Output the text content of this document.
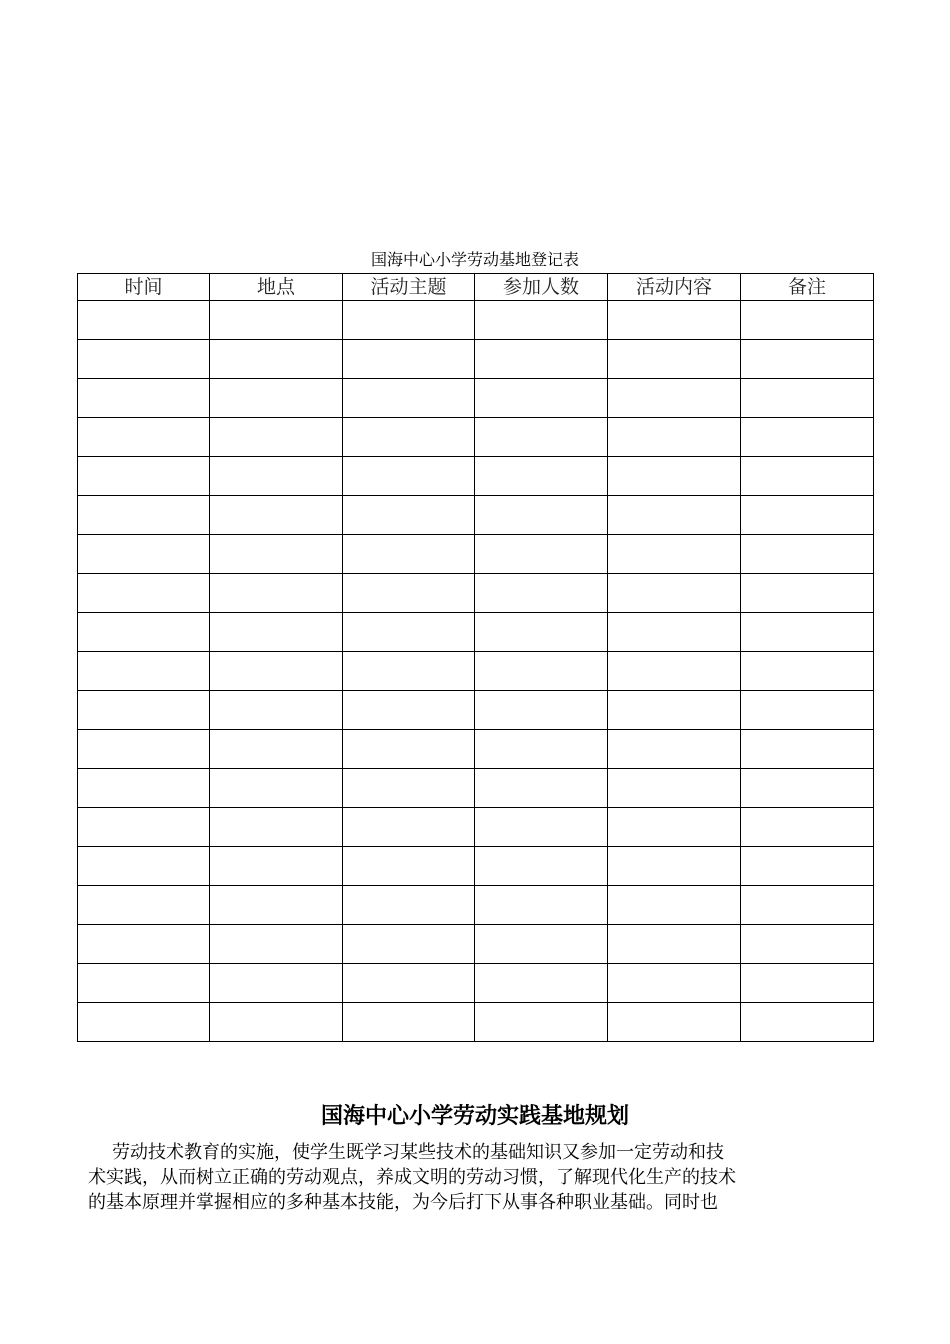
国海中心小学劳动基地登记表
时间	地点	活动主题	参加人数	活动内容	备注

国海中心小学劳动实践基地规划
劳动技术教育的实施，使学生既学习某些技术的基础知识又参加一定劳动和技
术实践，从而树立正确的劳动观点，养成文明的劳动习惯，了解现代化生产的技术
的基本原理并掌握相应的多种基本技能，为今后打下从事各种职业基础。同时也
